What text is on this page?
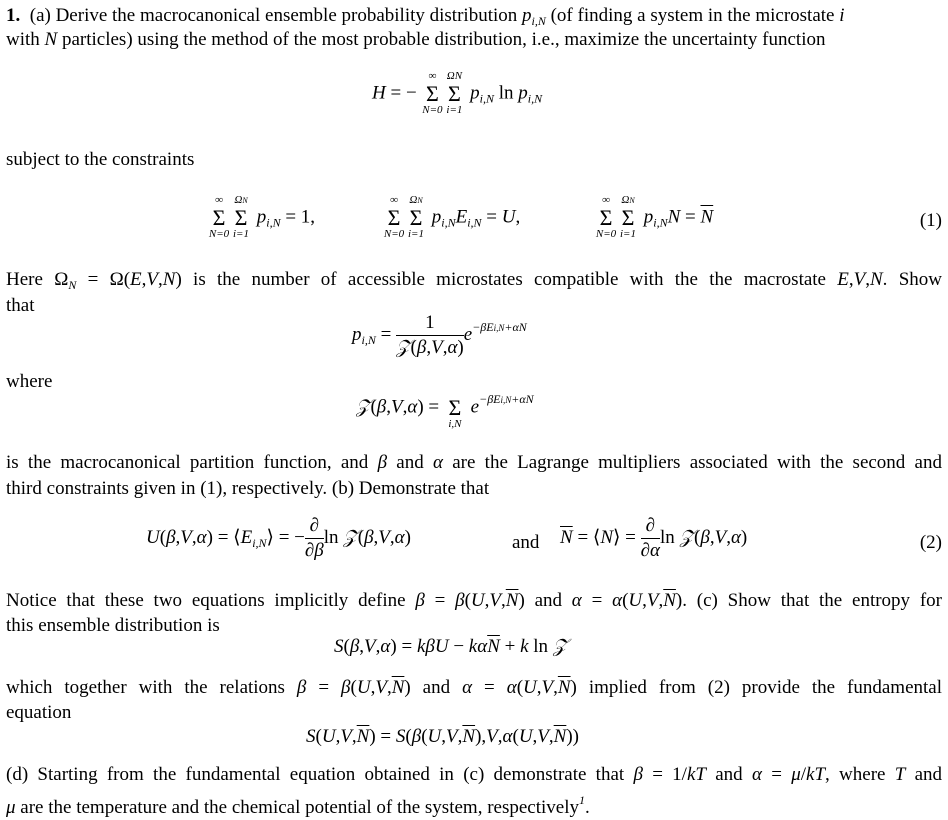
1.  (a) Derive the macrocanonical ensemble probability distribution $p_{i,N}$ (of finding a system in the microstate i
with N particles) using the method of the most probable distribution, i.e., maximize the uncertainty function
H = − Σ
∞
N=0
Σ
ΩN
i=1
$p_{i,N}$ $\ln p_{i,N}$
subject to the constraints
Σ
∞
N=0
Σ
ΩN
i=1
$p_{i,N} = 1$,	Σ
∞
N=0
Σ
ΩN
i=1
$p_{i,N}E_{i,N} = U$,	Σ
∞
N=0
Σ
ΩN
i=1
$p_{i,N}N = \overline{N}$	(1)
Here $\Omega_N = \Omega(E,V,N)$ is the number of accessible microstates compatible with the the macrostate E,V,N. Show
that
$p_{i,N} = \frac{1}{\text{𝒵(β,V,α)}} e^{-\beta Ei,N+\alpha N}$
where
𝒵(β,V,α) = Σ
i,N
$e^{-\beta Ei,N+\alpha N}$
is the macrocanonical partition function, and β and α are the Lagrange multipliers associated with the second and
third constraints given in (1), respectively. (b) Demonstrate that
$U(\beta,V,\alpha) = ⟨E_{i,N}⟩$ = − $\frac{\partial}{\partial\beta}$ ln 𝒵(β,V,α)	and $\overline{N}$ = ⟨N⟩ = $\frac{\partial}{\partial\alpha}$ ln 𝒵(β,V,α)	(2)
Notice that these two equations implicitly define $\beta = \beta(U,V,\overline{N})$ and $\alpha = \alpha(U,V,\overline{N})$. (c) Show that the entropy for
this ensemble distribution is
$S(\beta,V,\alpha) = k\beta U - k\alpha\overline{N} + k$ ln 𝒵
which together with the relations $\beta = \beta(U,V,\overline{N})$ and $\alpha = \alpha(U,V,\overline{N})$ implied from (2) provide the fundamental
equation
$S(U,V,\overline{N}) = S(\beta(U,V,\overline{N}),V,\alpha(U,V,\overline{N}))$
(d) Starting from the fundamental equation obtained in (c) demonstrate that β = 1/kT and α = μ/kT, where T and
μ are the temperature and the chemical potential of the system, respectively$^1$.
